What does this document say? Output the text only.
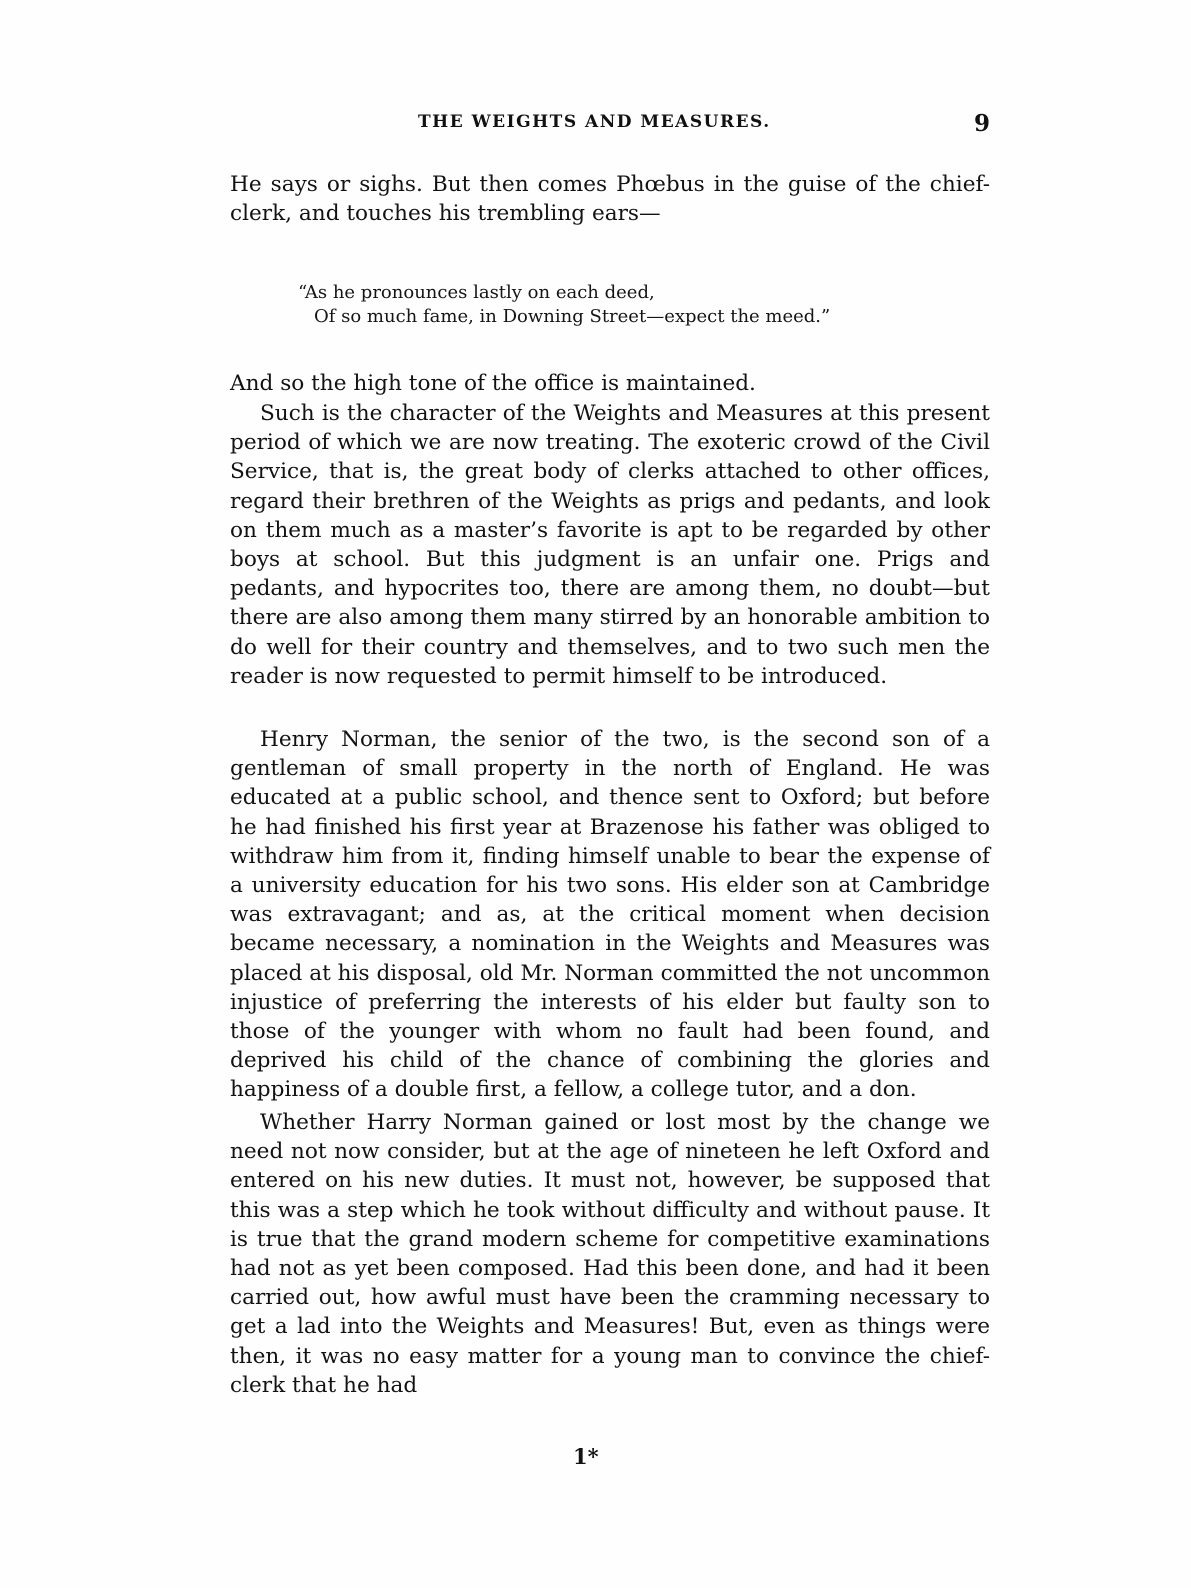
THE WEIGHTS AND MEASURES.	9

He says or sighs. But then comes Phœbus in the guise of the chief-clerk, and touches his trembling ears—

“As he pronounces lastly on each deed,
Of so much fame, in Downing Street—expect the meed.”

And so the high tone of the office is maintained.

Such is the character of the Weights and Measures at this present period of which we are now treating. The exoteric crowd of the Civil Service, that is, the great body of clerks attached to other offices, regard their brethren of the Weights as prigs and pedants, and look on them much as a master’s favorite is apt to be regarded by other boys at school. But this judgment is an unfair one. Prigs and pedants, and hypocrites too, there are among them, no doubt—but there are also among them many stirred by an honorable ambition to do well for their country and themselves, and to two such men the reader is now requested to permit himself to be introduced.

Henry Norman, the senior of the two, is the second son of a gentleman of small property in the north of England. He was educated at a public school, and thence sent to Oxford; but before he had finished his first year at Brazenose his father was obliged to withdraw him from it, finding himself unable to bear the expense of a university education for his two sons. His elder son at Cambridge was extravagant; and as, at the critical moment when decision became necessary, a nomination in the Weights and Measures was placed at his disposal, old Mr. Norman committed the not uncommon injustice of preferring the interests of his elder but faulty son to those of the younger with whom no fault had been found, and deprived his child of the chance of combining the glories and happiness of a double first, a fellow, a college tutor, and a don.

Whether Harry Norman gained or lost most by the change we need not now consider, but at the age of nineteen he left Oxford and entered on his new duties. It must not, however, be supposed that this was a step which he took without difficulty and without pause. It is true that the grand modern scheme for competitive examinations had not as yet been composed. Had this been done, and had it been carried out, how awful must have been the cramming necessary to get a lad into the Weights and Measures! But, even as things were then, it was no easy matter for a young man to convince the chief-clerk that he had

1*
